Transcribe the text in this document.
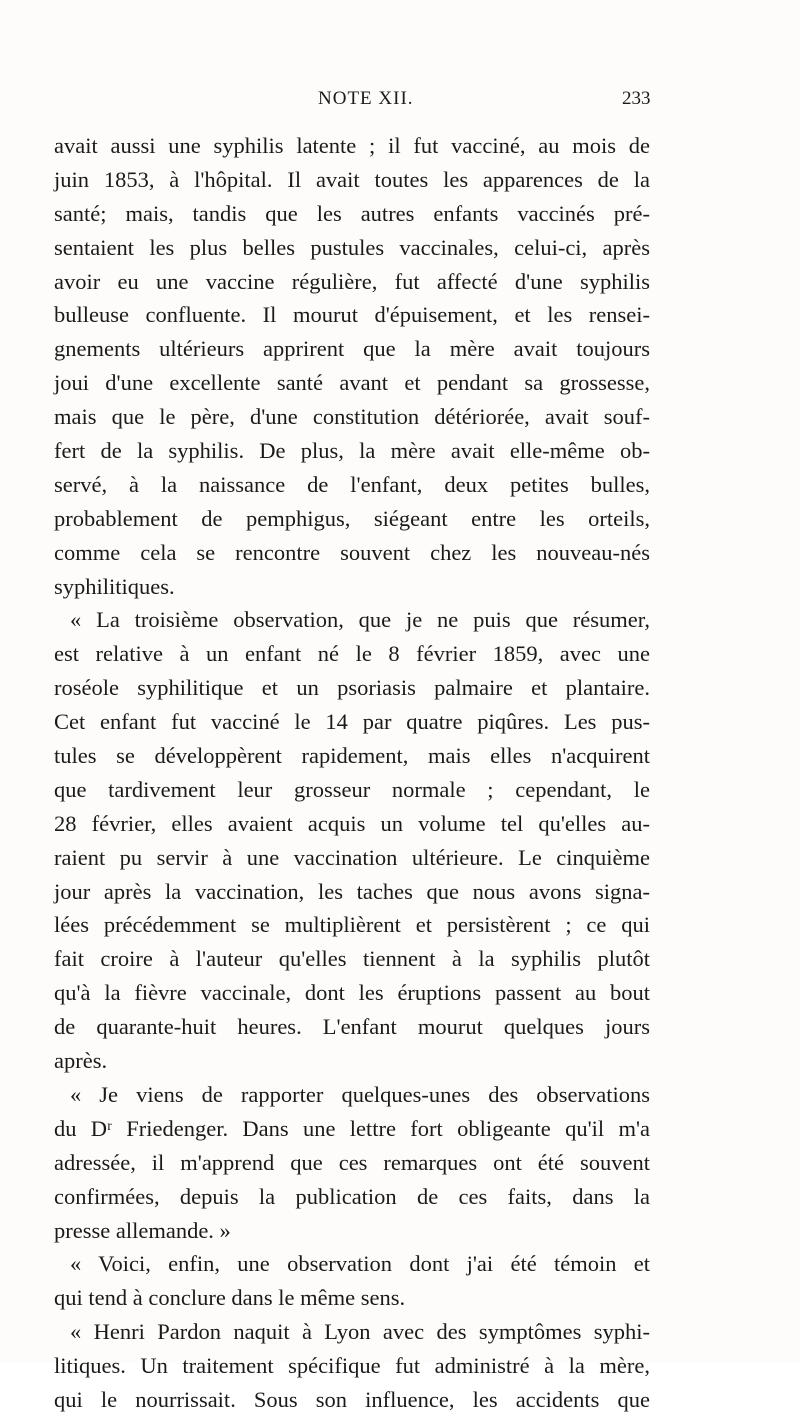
NOTE XII.	233
avait aussi une syphilis latente ; il fut vacciné, au mois de
juin 1853, à l'hôpital. Il avait toutes les apparences de la
santé; mais, tandis que les autres enfants vaccinés pré-
sentaient les plus belles pustules vaccinales, celui-ci, après
avoir eu une vaccine régulière, fut affecté d'une syphilis
bulleuse confluente. Il mourut d'épuisement, et les rensei-
gnements ultérieurs apprirent que la mère avait toujours
joui d'une excellente santé avant et pendant sa grossesse,
mais que le père, d'une constitution détériorée, avait souf-
fert de la syphilis. De plus, la mère avait elle-même ob-
servé, à la naissance de l'enfant, deux petites bulles,
probablement de pemphigus, siégeant entre les orteils,
comme cela se rencontre souvent chez les nouveau-nés
syphilitiques.
« La troisième observation, que je ne puis que résumer,
est relative à un enfant né le 8 février 1859, avec une
roséole syphilitique et un psoriasis palmaire et plantaire.
Cet enfant fut vacciné le 14 par quatre piqûres. Les pus-
tules se développèrent rapidement, mais elles n'acquirent
que tardivement leur grosseur normale ; cependant, le
28 février, elles avaient acquis un volume tel qu'elles au-
raient pu servir à une vaccination ultérieure. Le cinquième
jour après la vaccination, les taches que nous avons signa-
lées précédemment se multiplièrent et persistèrent ; ce qui
fait croire à l'auteur qu'elles tiennent à la syphilis plutôt
qu'à la fièvre vaccinale, dont les éruptions passent au bout
de quarante-huit heures. L'enfant mourut quelques jours
après.
« Je viens de rapporter quelques-unes des observations
du Dʳ Friedenger. Dans une lettre fort obligeante qu'il m'a
adressée, il m'apprend que ces remarques ont été souvent
confirmées, depuis la publication de ces faits, dans la
presse allemande. »
« Voici, enfin, une observation dont j'ai été témoin et
qui tend à conclure dans le même sens.
« Henri Pardon naquit à Lyon avec des symptômes syphi-
litiques. Un traitement spécifique fut administré à la mère,
qui le nourrissait. Sous son influence, les accidents que
